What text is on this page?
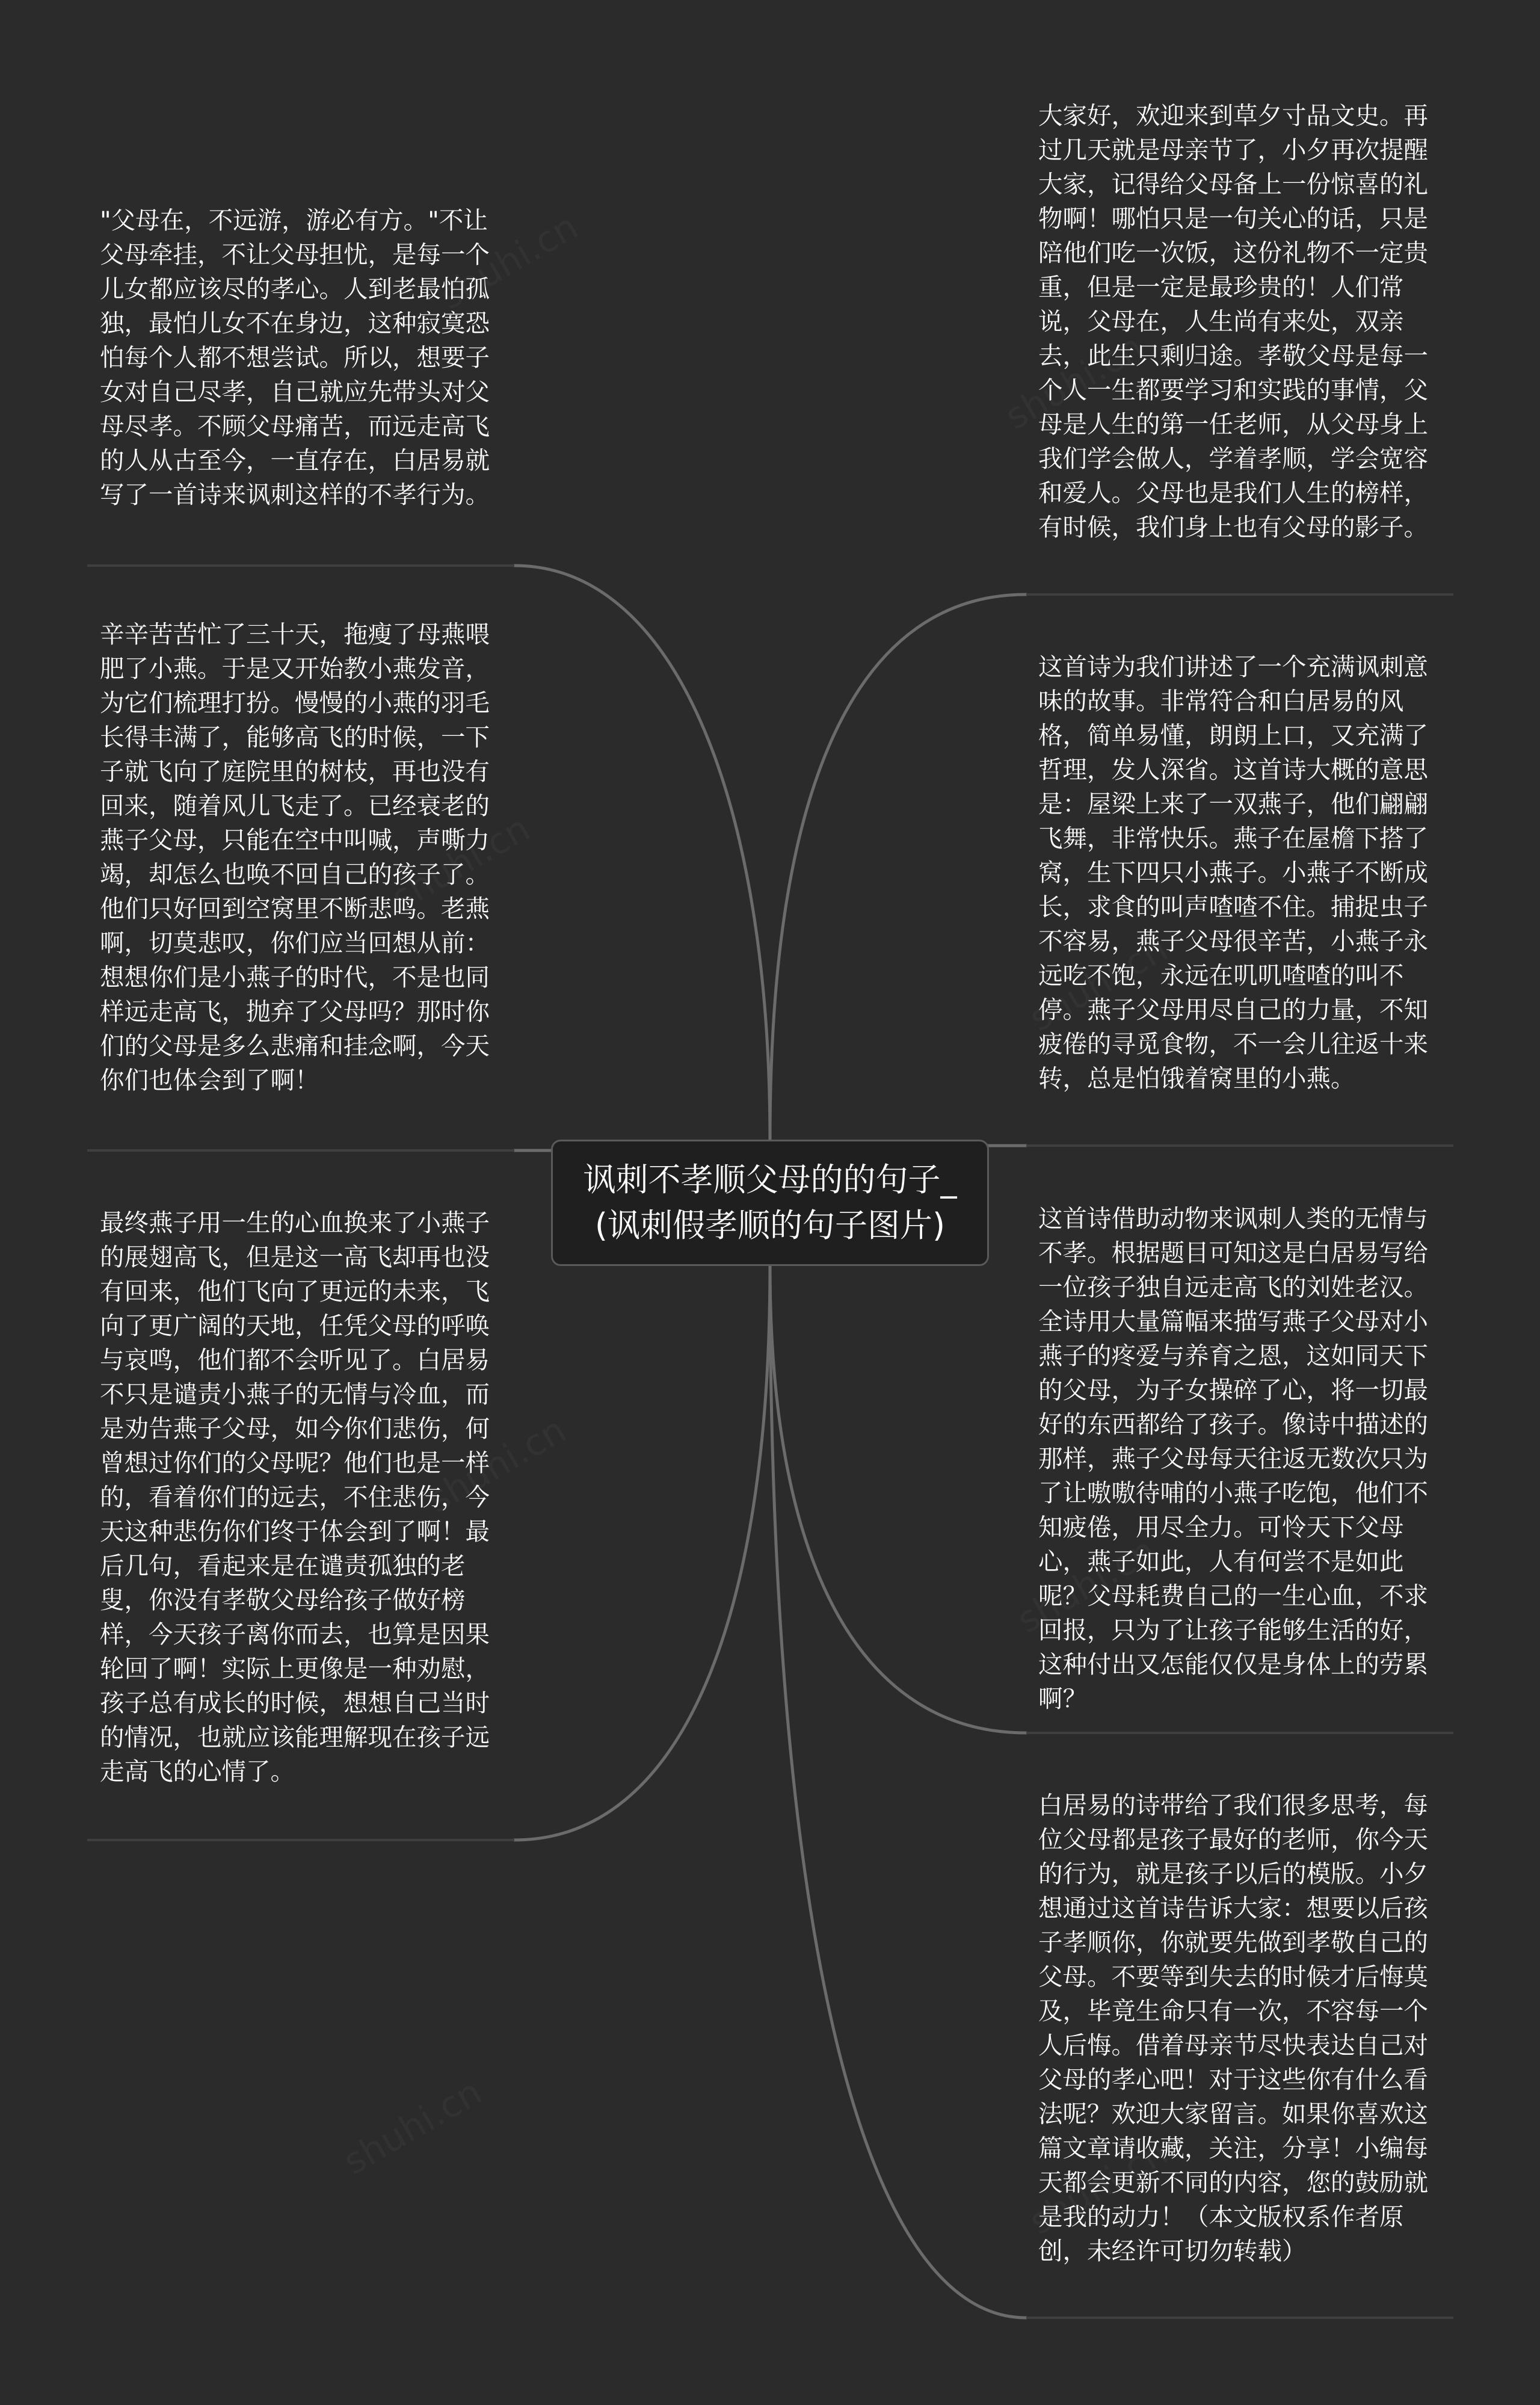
"父母在，不远游，游必有方。"不让父母牵挂，不让父母担忧，是每一个儿女都应该尽的孝心。人到老最怕孤独，最怕儿女不在身边，这种寂寞恐怕每个人都不想尝试。所以，想要子女对自己尽孝，自己就应先带头对父母尽孝。不顾父母痛苦，而远走高飞的人从古至今，一直存在，白居易就写了一首诗来讽刺这样的不孝行为。

辛辛苦苦忙了三十天，拖瘦了母燕喂肥了小燕。于是又开始教小燕发音，为它们梳理打扮。慢慢的小燕的羽毛长得丰满了，能够高飞的时候，一下子就飞向了庭院里的树枝，再也没有回来，随着风儿飞走了。已经衰老的燕子父母，只能在空中叫喊，声嘶力竭，却怎么也唤不回自己的孩子了。他们只好回到空窝里不断悲鸣。老燕啊，切莫悲叹，你们应当回想从前：想想你们是小燕子的时代，不是也同样远走高飞，抛弃了父母吗？那时你们的父母是多么悲痛和挂念啊，今天你们也体会到了啊！

最终燕子用一生的心血换来了小燕子的展翅高飞，但是这一高飞却再也没有回来，他们飞向了更远的未来，飞向了更广阔的天地，任凭父母的呼唤与哀鸣，他们都不会听见了。白居易不只是谴责小燕子的无情与冷血，而是劝告燕子父母，如今你们悲伤，何曾想过你们的父母呢？他们也是一样的，看着你们的远去，不住悲伤，今天这种悲伤你们终于体会到了啊！最后几句，看起来是在谴责孤独的老叟，你没有孝敬父母给孩子做好榜样，今天孩子离你而去，也算是因果轮回了啊！实际上更像是一种劝慰，孩子总有成长的时候，想想自己当时的情况，也就应该能理解现在孩子远走高飞的心情了。

大家好，欢迎来到草夕寸品文史。再过几天就是母亲节了，小夕再次提醒大家，记得给父母备上一份惊喜的礼物啊！哪怕只是一句关心的话，只是陪他们吃一次饭，这份礼物不一定贵重，但是一定是最珍贵的！人们常说，父母在，人生尚有来处，双亲去，此生只剩归途。孝敬父母是每一个人一生都要学习和实践的事情，父母是人生的第一任老师，从父母身上我们学会做人，学着孝顺，学会宽容和爱人。父母也是我们人生的榜样，有时候，我们身上也有父母的影子。

这首诗为我们讲述了一个充满讽刺意味的故事。非常符合和白居易的风格，简单易懂，朗朗上口，又充满了哲理，发人深省。这首诗大概的意思是：屋梁上来了一双燕子，他们翩翩飞舞，非常快乐。燕子在屋檐下搭了窝，生下四只小燕子。小燕子不断成长，求食的叫声喳喳不住。捕捉虫子不容易，燕子父母很辛苦，小燕子永远吃不饱，永远在叽叽喳喳的叫不停。燕子父母用尽自己的力量，不知疲倦的寻觅食物，不一会儿往返十来转，总是怕饿着窝里的小燕。

这首诗借助动物来讽刺人类的无情与不孝。根据题目可知这是白居易写给一位孩子独自远走高飞的刘姓老汉。全诗用大量篇幅来描写燕子父母对小燕子的疼爱与养育之恩，这如同天下的父母，为子女操碎了心，将一切最好的东西都给了孩子。像诗中描述的那样，燕子父母每天往返无数次只为了让嗷嗷待哺的小燕子吃饱，他们不知疲倦，用尽全力。可怜天下父母心，燕子如此，人有何尝不是如此呢？父母耗费自己的一生心血，不求回报，只为了让孩子能够生活的好，这种付出又怎能仅仅是身体上的劳累啊？

白居易的诗带给了我们很多思考，每位父母都是孩子最好的老师，你今天的行为，就是孩子以后的模版。小夕想通过这首诗告诉大家：想要以后孩子孝顺你，你就要先做到孝敬自己的父母。不要等到失去的时候才后悔莫及，毕竟生命只有一次，不容每一个人后悔。借着母亲节尽快表达自己对父母的孝心吧！对于这些你有什么看法呢？欢迎大家留言。如果你喜欢这篇文章请收藏，关注，分享！小编每天都会更新不同的内容，您的鼓励就是我的动力！（本文版权系作者原创，未经许可切勿转载）

讽刺不孝顺父母的的句子_
(讽刺假孝顺的句子图片)
